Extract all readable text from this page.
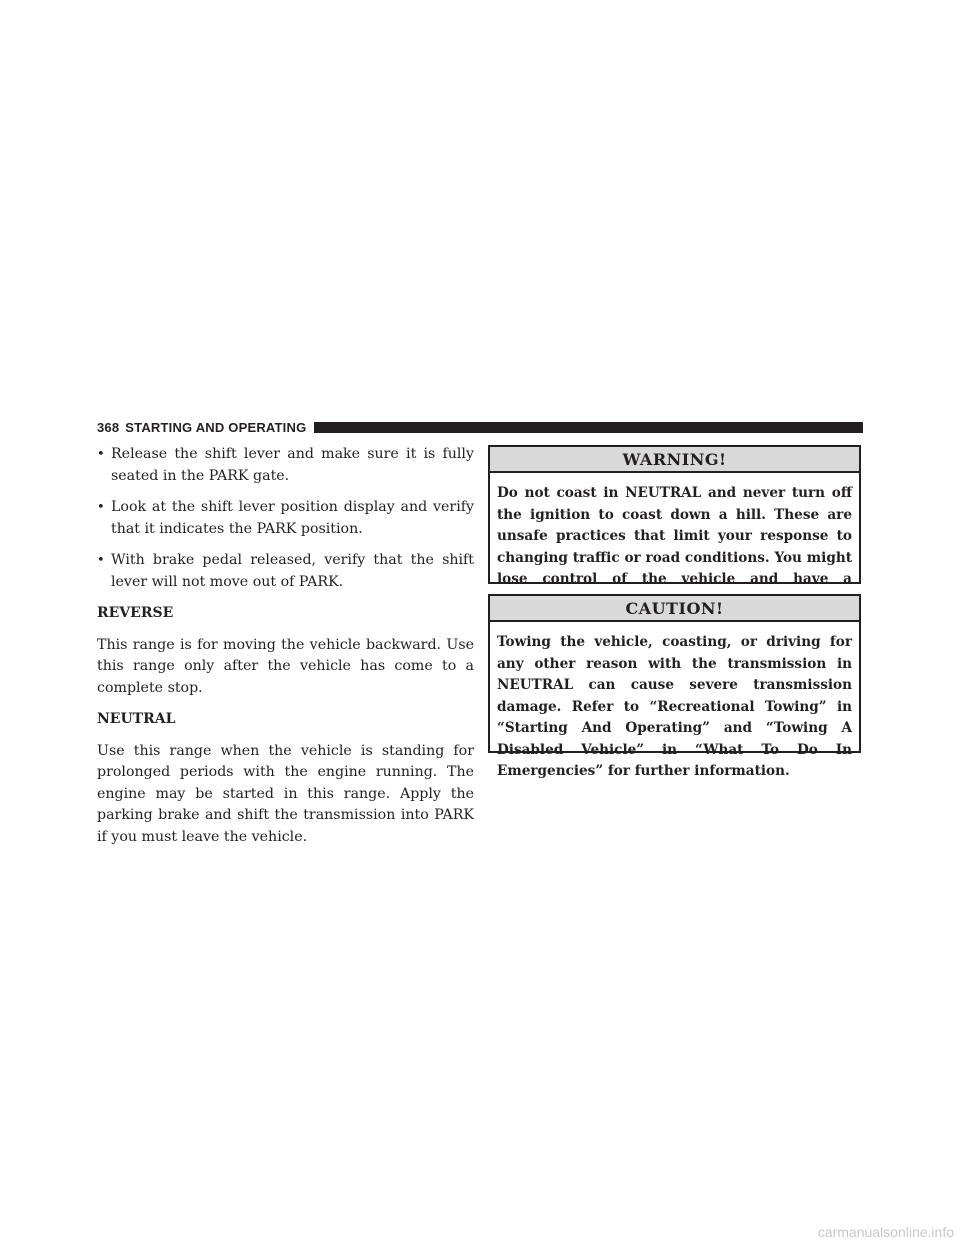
368 STARTING AND OPERATING
• Release the shift lever and make sure it is fully seated in the PARK gate.
• Look at the shift lever position display and verify that it indicates the PARK position.
• With brake pedal released, verify that the shift lever will not move out of PARK.
REVERSE

This range is for moving the vehicle backward. Use this range only after the vehicle has come to a complete stop.

NEUTRAL

Use this range when the vehicle is standing for prolonged periods with the engine running. The engine may be started in this range. Apply the parking brake and shift the transmission into PARK if you must leave the vehicle.

WARNING!
Do not coast in NEUTRAL and never turn off the ignition to coast down a hill. These are unsafe practices that limit your response to changing traffic or road conditions. You might lose control of the vehicle and have a
CAUTION!
Towing the vehicle, coasting, or driving for any other reason with the transmission in NEUTRAL can cause severe transmission damage. Refer to “Recreational Towing” in “Starting And Operating” and “Towing A Disabled Vehicle” in “What To Do In Emergencies” for further information.
carmanualsonline.info
